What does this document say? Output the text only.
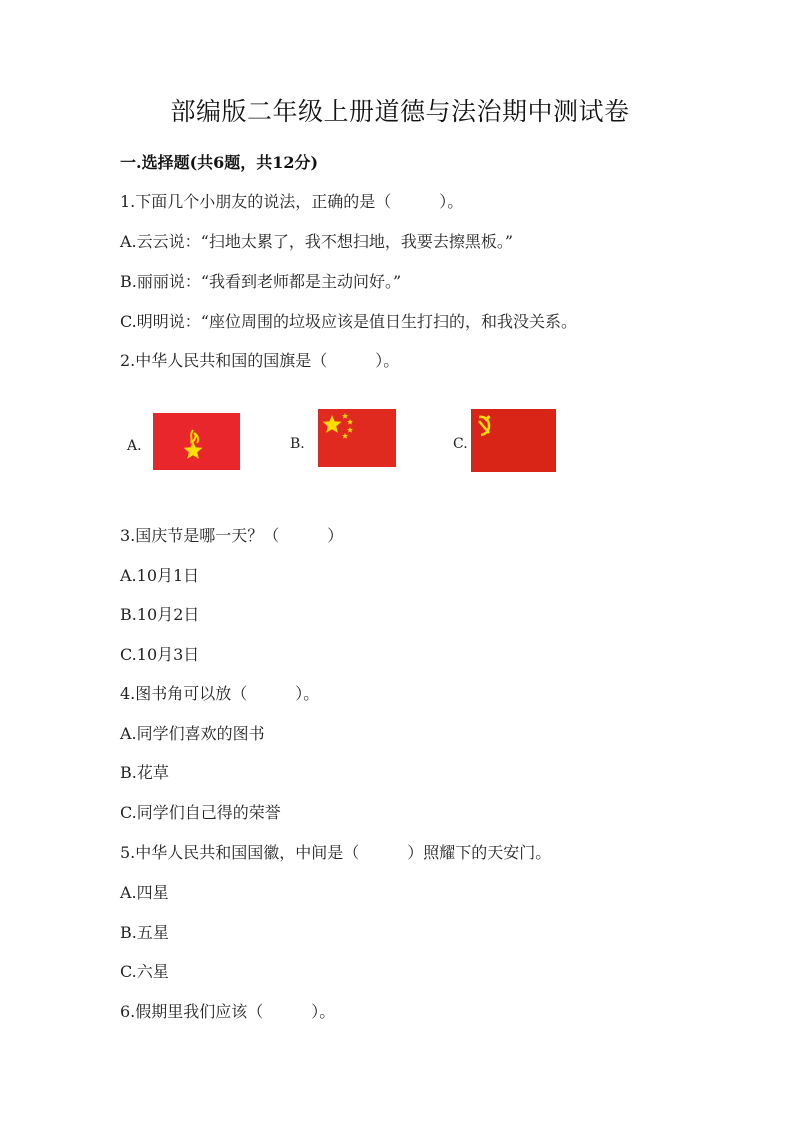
部编版二年级上册道德与法治期中测试卷
一.选择题(共6题，共12分)
1.下面几个小朋友的说法，正确的是（　　　）。
A.云云说：“扫地太累了，我不想扫地，我要去擦黑板。”
B.丽丽说：“我看到老师都是主动问好。”
C.明明说：“座位周围的垃圾应该是值日生打扫的，和我没关系。
2.中华人民共和国的国旗是（　　　）。
A.	B.	C.
3.国庆节是哪一天？（　　　）
A.10月1日
B.10月2日
C.10月3日
4.图书角可以放（　　　）。
A.同学们喜欢的图书
B.花草
C.同学们自己得的荣誉
5.中华人民共和国国徽，中间是（　　　）照耀下的天安门。
A.四星
B.五星
C.六星
6.假期里我们应该（　　　）。
